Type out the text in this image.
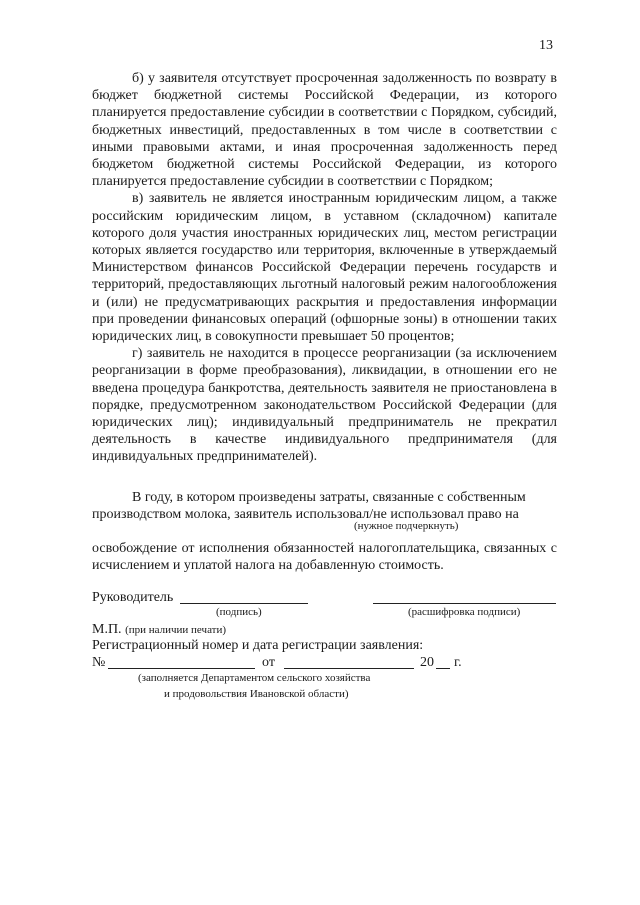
13

б) у заявителя отсутствует просроченная задолженность по возврату в бюджет бюджетной системы Российской Федерации, из которого планируется предоставление субсидии в соответствии с Порядком, субсидий, бюджетных инвестиций, предоставленных в том числе в соответствии с иными правовыми актами, и иная просроченная задолженность перед бюджетом бюджетной системы Российской Федерации, из которого планируется предоставление субсидии в соответствии с Порядком;

в) заявитель не является иностранным юридическим лицом, а также российским юридическим лицом, в уставном (складочном) капитале которого доля участия иностранных юридических лиц, местом регистрации которых является государство или территория, включенные в утверждаемый Министерством финансов Российской Федерации перечень государств и территорий, предоставляющих льготный налоговый режим налогообложения и (или) не предусматривающих раскрытия и предоставления информации при проведении финансовых операций (офшорные зоны) в отношении таких юридических лиц, в совокупности превышает 50 процентов;

г) заявитель не находится в процессе реорганизации (за исключением реорганизации в форме преобразования), ликвидации, в отношении его не введена процедура банкротства, деятельность заявителя не приостановлена в порядке, предусмотренном законодательством Российской Федерации (для юридических лиц); индивидуальный предприниматель не прекратил деятельность в качестве индивидуального предпринимателя (для индивидуальных предпринимателей).

В году, в котором произведены затраты, связанные с собственным
производством молока, заявитель использовал/не использовал право на
(нужное подчеркнуть)
освобождение от исполнения обязанностей налогоплательщика, связанных с исчислением и уплатой налога на добавленную стоимость.
Руководитель
(подпись)	(расшифровка подписи)
М.П. (при наличии печати)
Регистрационный номер и дата регистрации заявления:
№	от	20 г.
(заполняется Департаментом сельского хозяйства
и продовольствия Ивановской области)
